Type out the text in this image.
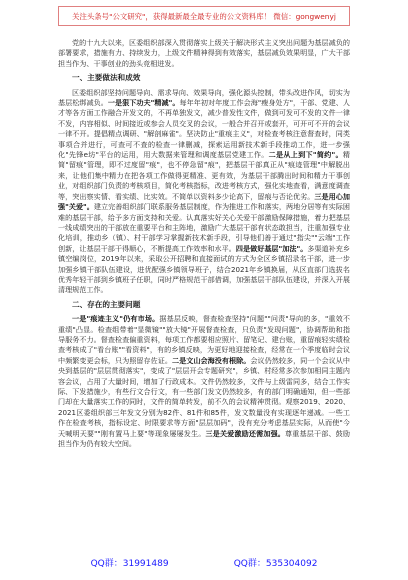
关注头条号"公文研究"，获得最新最全最专业的公文资料库！ 微信：gongwenyj

党的十九大以来，区委组织部深入贯彻落实上级关于解决形式主义突出问题为基层减负的部署要求，措施有力、持续发力，上级文件精神得到有效落实，基层减负效果明显，广大干部担当作为、干事创业的劲头竞相迸发。

一、主要做法和成效

区委组织部坚持问题导向、需求导向、效果导向，强化源头控制，带头改进作风，切实为基层松绑减负。一是狠下功夫"精减"。每年年初对年度工作会海"瘦身处方"，干部、党建、人才等各方面工作融合开发文的，不再单独发文，减少普发性文件，做到可发可不发的文件一律不发，内容相似、时间接近或参会人员交叉的会议，一般合并召开或套开，可开可不开的会议一律不开。提倡精点调研、"解剖麻雀"。坚决防止"重痕主义"，对检查考核注意督查时，同类事项合并进行，可查可不查的检查一律删减，探索运用新技术新手段推动工作，进一步强化"先锋e坊"平台的运用，用大数据来管理和调度基层党建工作。二是从上到下"简约"。精简"留痕"管理，即不过度留"痕"，也不停急留"痕"，把基层干部真正从"痕迹管理"中解脱出来，让他们集中精力在把各项工作做得更精准、更有效，为基层干部腾出时间和精力干事创业，对组织部门负责的考核项目，简化考核指标，改进考核方式，强化实地查看，满意度调查等，突出察实情、看实绩、比实效。不简单以资料多少论高下，留痕与否论优劣。三是用心加强"关爱"。建立完善组织部门联系服务基层制度，作为推进工作和落实，两地分居等有实际困难的基层干部，给予多方面支持和关爱。认真落实好关心关爱干部激励保障措施，着力把基层一线成绩突出的干部放在重要平台和主阵地，激励广大基层干部有状态敢担当，注重加强专业化培训，推动乡（镇）、村干部学习掌握新技术新手段，引导他们善于通过"指尖""云端"工作创新，让基层干部干得顺心，不断提高工作效率和水平。四是做好基层"加法"。多渠道补充乡镇空编岗位，2019年以来，采取公开招聘和直接面试的方式为全区乡镇招录名干部，进一步加强乡镇干部队伍建设，进优配强乡镇领导班子，结合2021年乡镇换届，从区直部门选拔名优秀年轻干部到乡镇班子任职，同时严格规范干部借调，加强基层干部队伍建设，并深入开展清理规范工作。

二、存在的主要问题

一是"痕迹主义"仍有市场。据基层反映，督查检查坚持"问题""问责"导向的多，"重效不重绩"凸显。检查组带着"显微镜""放大镜"开展督查检查，只负责"发现问题"，协调帮助和指导服务不力。督查检查偏重资料，每项工作都要相应照片、留笔记、建台账，重留痕轻实绩检查考核成了"看台账""看资料"，有的乡镇反映，为更好地迎接检查，经常在一个季度临时会议中频繁变更会标，只为照留存佐证。二是文山会海没有根除。会议仍然较多，同一个会议从中央到基层的"层层贯彻落实"，变成了"层层开会专题研究"，乡镇、村经常多次参加相同主题内容会议，占用了大量时间，增加了行政成本。文件仍然较多，文件与上级雷同多，结合工作实际、下发措施少，有些行文合行文，有一些部门发文仍然较多，有的部门明确通知，但一些部门却在大量落实工作的同时，文件的简单转发，前不久的会议精神贯彻。观察2019、2020、2021区委组织部三年发文分别为82件、81件和85件，发文数量没有实现逐年递减。一些工作在检查考核，指标设定、时限要求等方面"层层加码"，没有充分考虑基层实际，从而使"今天喊明天要""刚有置马上要"等现象屡屡发生。三是关爱激励还需加强。尊重基层干部、鼓励担当作为仍有较大空间。

QQ群：31991489	QQ群：535304092
